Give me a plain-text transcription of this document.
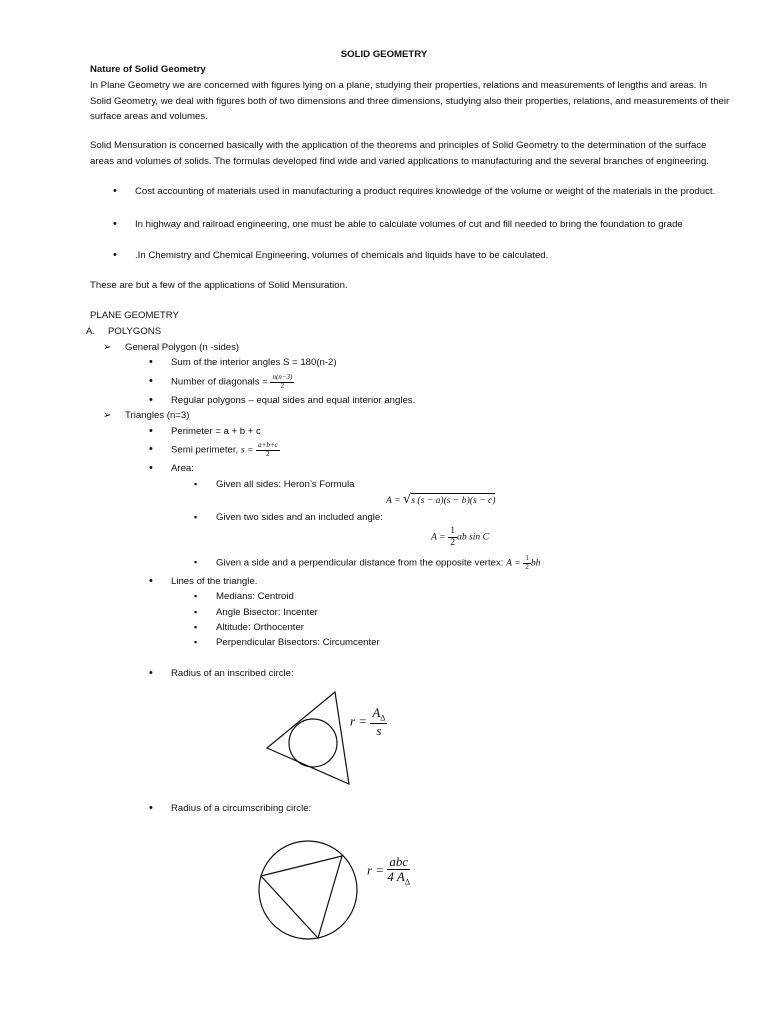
SOLID GEOMETRY
Nature of Solid Geometry
In Plane Geometry we are concerned with figures lying on a plane, studying their properties, relations and measurements of lengths and areas. In Solid Geometry, we deal with figures both of two dimensions and three dimensions, studying also their properties, relations, and measurements of their surface areas and volumes.
Solid Mensuration is concerned basically with the application of the theorems and principles of Solid Geometry to the determination of the surface areas and volumes of solids. The formulas developed find wide and varied applications to manufacturing and the several branches of engineering.
• Cost accounting of materials used in manufacturing a product requires knowledge of the volume or weight of the materials in the product.
• In highway and railroad engineering, one must be able to calculate volumes of cut and fill needed to bring the foundation to grade
• .In Chemistry and Chemical Engineering, volumes of chemicals and liquids have to be calculated.
These are but a few of the applications of Solid Mensuration.
PLANE GEOMETRY
A. POLYGONS
➢ General Polygon (n -sides)
• Sum of the interior angles S = 180(n-2)
• Number of diagonals = $\frac{n(n-3)}{2}$
• Regular polygons – equal sides and equal interior angles.
➢ Triangles (n=3)
• Perimeter = a + b + c
• Semi perimeter, $s = \frac{a+b+c}{2}$
• Area:
▪ Given all sides: Heron’s Formula
A = √s (s − a)(s − b)(s − c)
▪ Given two sides and an included angle:
$A = \frac{1}{2}$ ab sin C
▪ Given a side and a perpendicular distance from the opposite vertex: $A = \frac{1}{2}$ bh
• Lines of the triangle.
▪ Medians: Centroid
▪ Angle Bisector: Incenter
▪ Altitude: Orthocenter
▪ Perpendicular Bisectors: Circumcenter
• Radius of an inscribed circle:
$r = \frac{A_\Delta}{s}$
• Radius of a circumscribing circle:
$r = \frac{\text{abc}}{4 A_\Delta}$
